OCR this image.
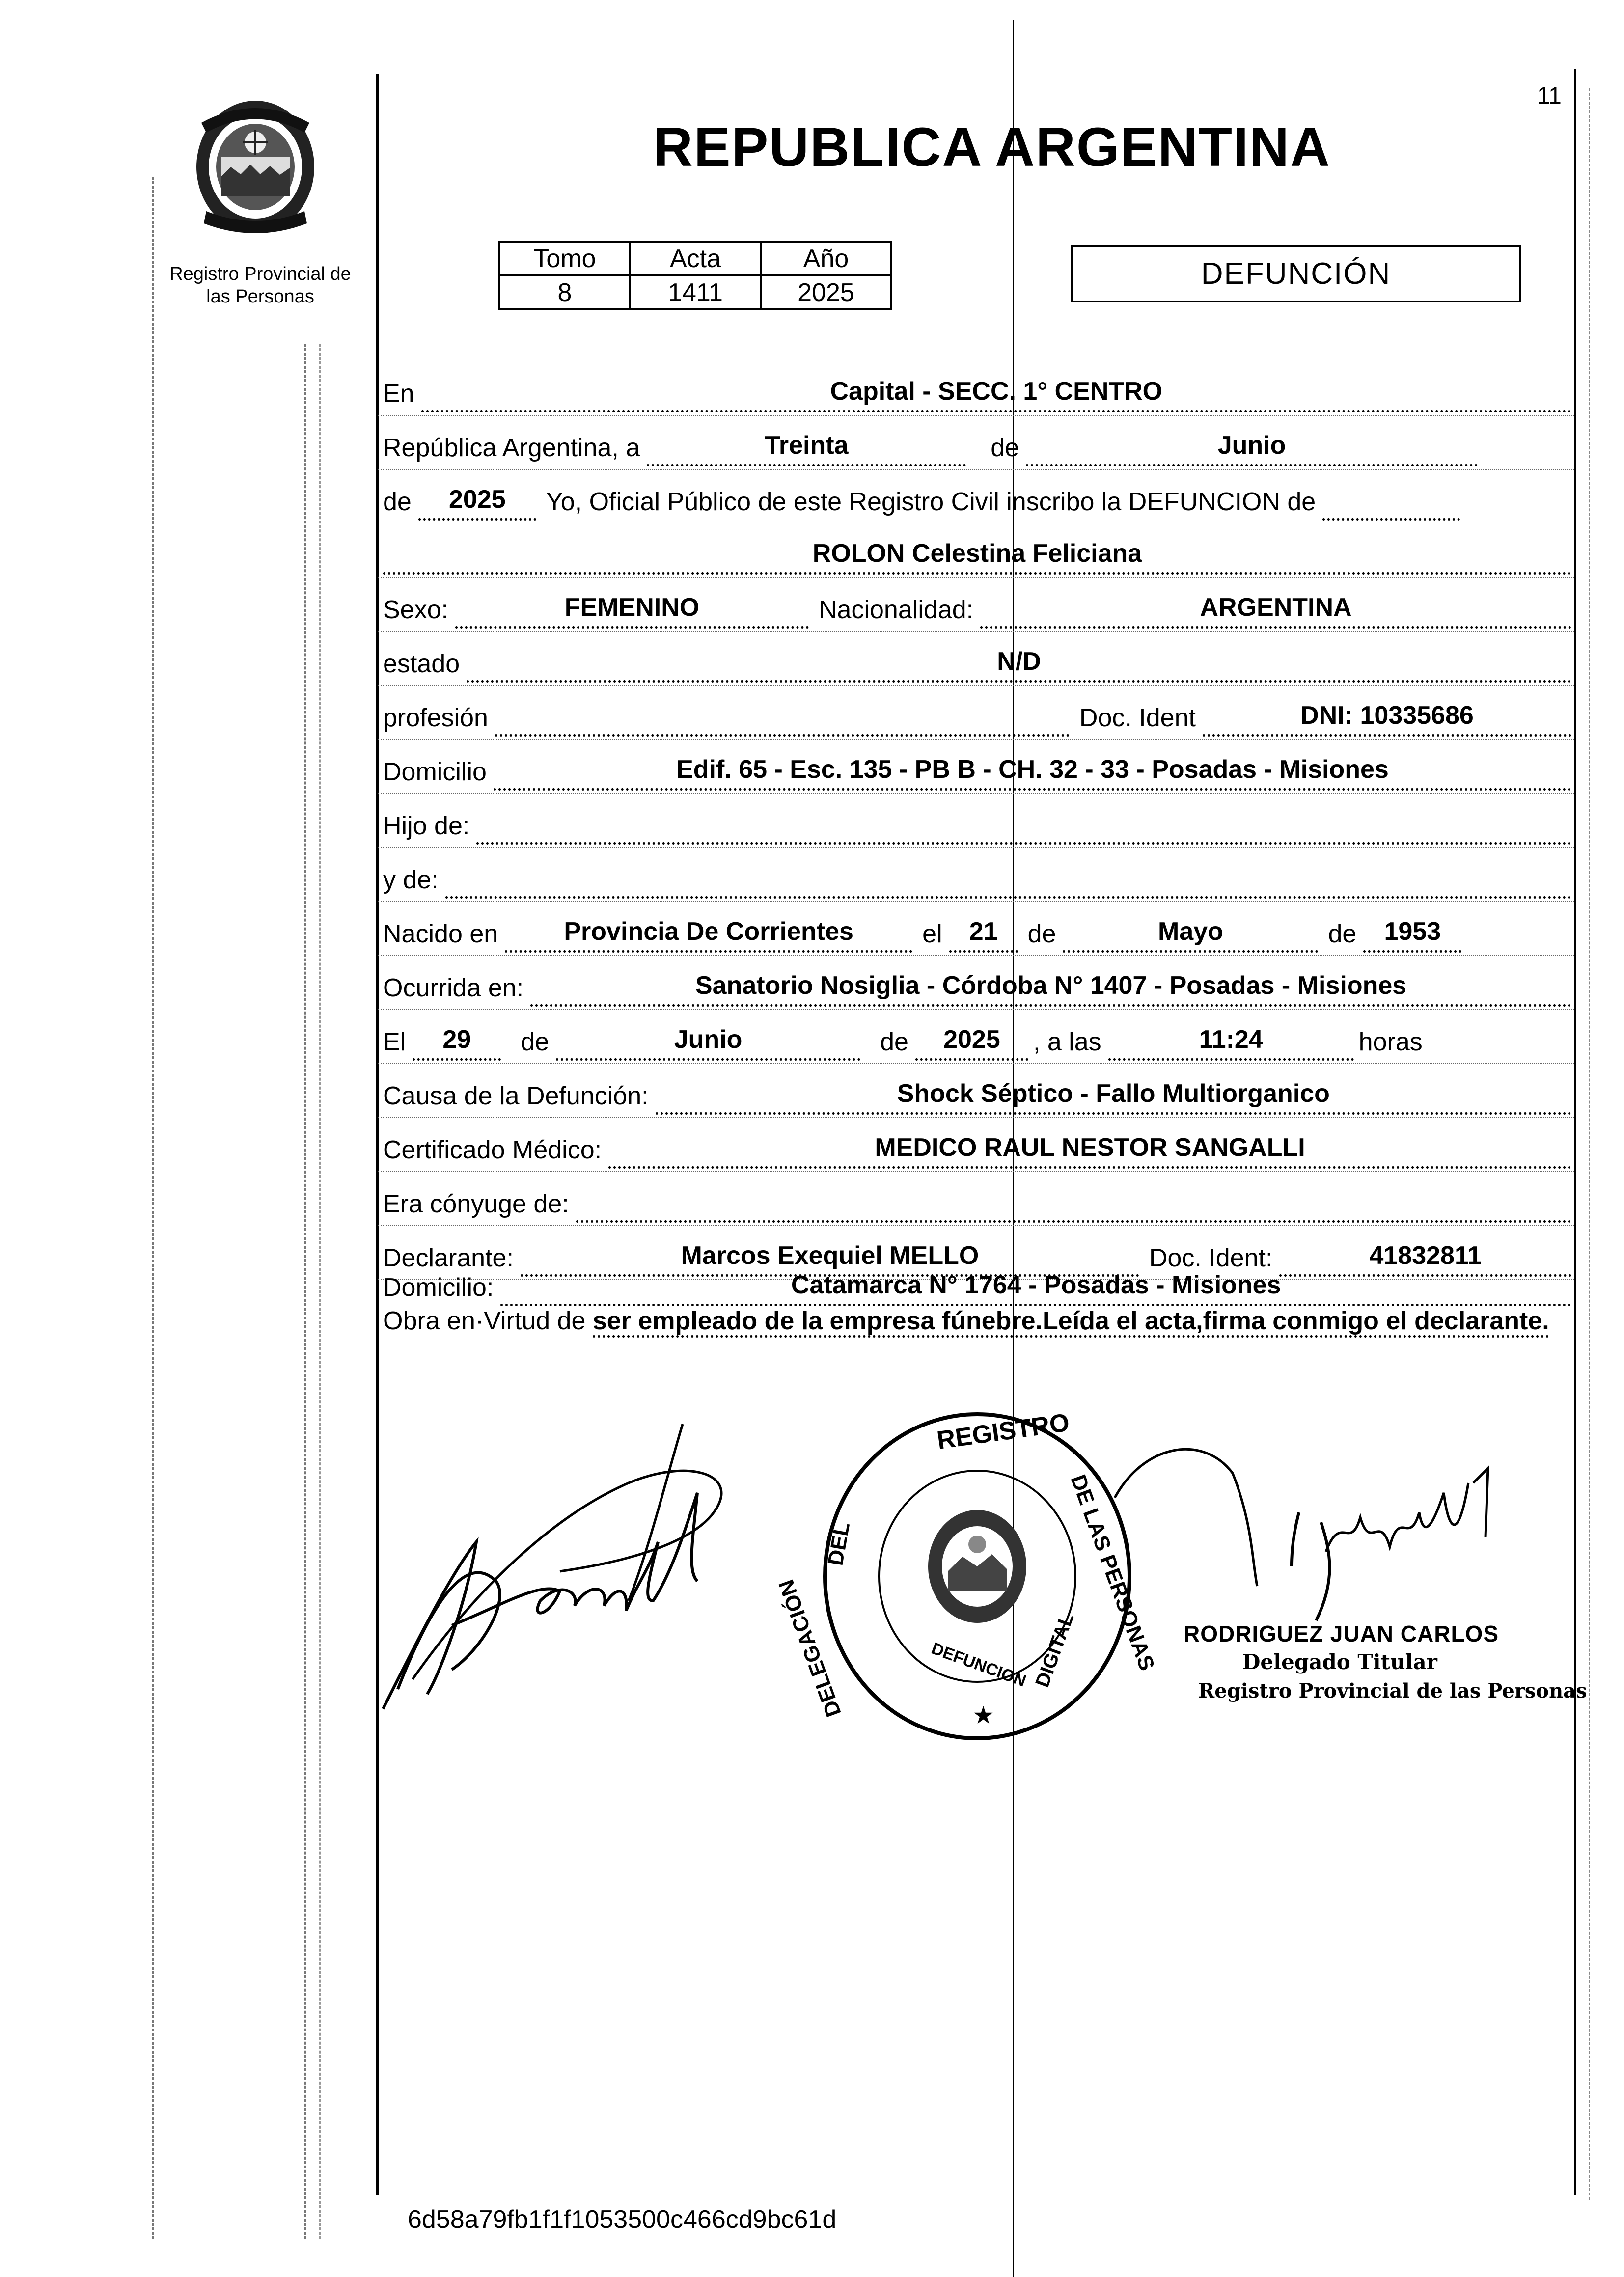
11
Registro Provincial de
las Personas
REPUBLICA ARGENTINA
Tomo	Acta	Año
8	1411	2025
DEFUNCIÓN
En	Capital - SECC. 1° CENTRO
República Argentina, a	Treinta	de	Junio
de	2025	Yo, Oficial Público de este Registro Civil inscribo la DEFUNCION de
ROLON Celestina Feliciana
Sexo:	FEMENINO	Nacionalidad:	ARGENTINA
estado	N/D
profesión	Doc. Ident	DNI: 10335686
Domicilio	Edif. 65 - Esc. 135 - PB B - CH. 32 - 33 - Posadas - Misiones
Hijo de:
y de:
Nacido en	Provincia De Corrientes	el	21	de	Mayo	de	1953
Ocurrida en:	Sanatorio Nosiglia - Córdoba N° 1407 - Posadas - Misiones
El	29	de	Junio	de	2025	, a las	11:24	horas
Causa de la Defunción:	Shock Séptico - Fallo Multiorganico
Certificado Médico:	MEDICO RAUL NESTOR SANGALLI
Era cónyuge de:
Declarante:	Marcos Exequiel MELLO	Doc. Ident:	41832811
Domicilio:	Catamarca N° 1764 - Posadas - Misiones
Obra en·Virtud de ser empleado de la empresa fúnebre.Leída el acta,firma conmigo el declarante.
REGISTRO
DEL	DE LAS PERSONAS
DELEGACIÓN	DEFUNCION DIGITAL
★
RODRIGUEZ JUAN CARLOS
Delegado Titular
Registro Provincial de las Personas
6d58a79fb1f1f1053500c466cd9bc61d
